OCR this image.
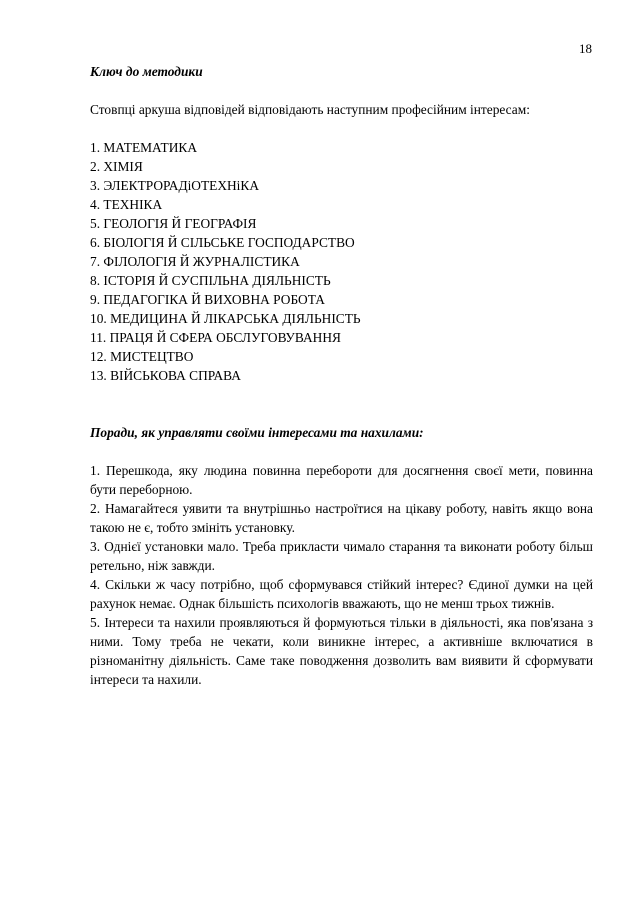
18

Ключ до методики

Стовпці аркуша відповідей відповідають наступним професійним інтересам:

1. МАТЕМАТИКА
2. ХІМІЯ
3. ЭЛЕКТРОРАДіОТЕХНіКА
4. ТЕХНІКА
5. ГЕОЛОГІЯ Й ГЕОГРАФІЯ
6. БІОЛОГІЯ Й СІЛЬСЬКЕ ГОСПОДАРСТВО
7. ФІЛОЛОГІЯ Й ЖУРНАЛІСТИКА
8. ІСТОРІЯ Й СУСПІЛЬНА ДІЯЛЬНІСТЬ
9. ПЕДАГОГІКА Й ВИХОВНА РОБОТА
10. МЕДИЦИНА Й ЛІКАРСЬКА ДІЯЛЬНІСТЬ
11. ПРАЦЯ Й СФЕРА ОБСЛУГОВУВАННЯ
12. МИСТЕЦТВО
13. ВІЙСЬКОВА СПРАВА

Поради, як управляти своїми інтересами та нахилами:

1. Перешкода, яку людина повинна перебороти для досягнення своєї мети, повинна бути переборною.

2. Намагайтеся уявити та внутрішньо настроїтися на цікаву роботу, навіть якщо вона такою не є, тобто змініть установку.

3. Однієї установки мало. Треба прикласти чимало старання та виконати роботу більш ретельно, ніж завжди.

4. Скільки ж часу потрібно, щоб сформувався стійкий інтерес? Єдиної думки на цей рахунок немає. Однак більшість психологів вважають, що не менш трьох тижнів.

5. Інтереси та нахили проявляються й формуються тільки в діяльності, яка пов'язана з ними. Тому треба не чекати, коли виникне інтерес, а активніше включатися в різноманітну діяльність. Саме таке поводження дозволить вам виявити й сформувати інтереси та нахили.
